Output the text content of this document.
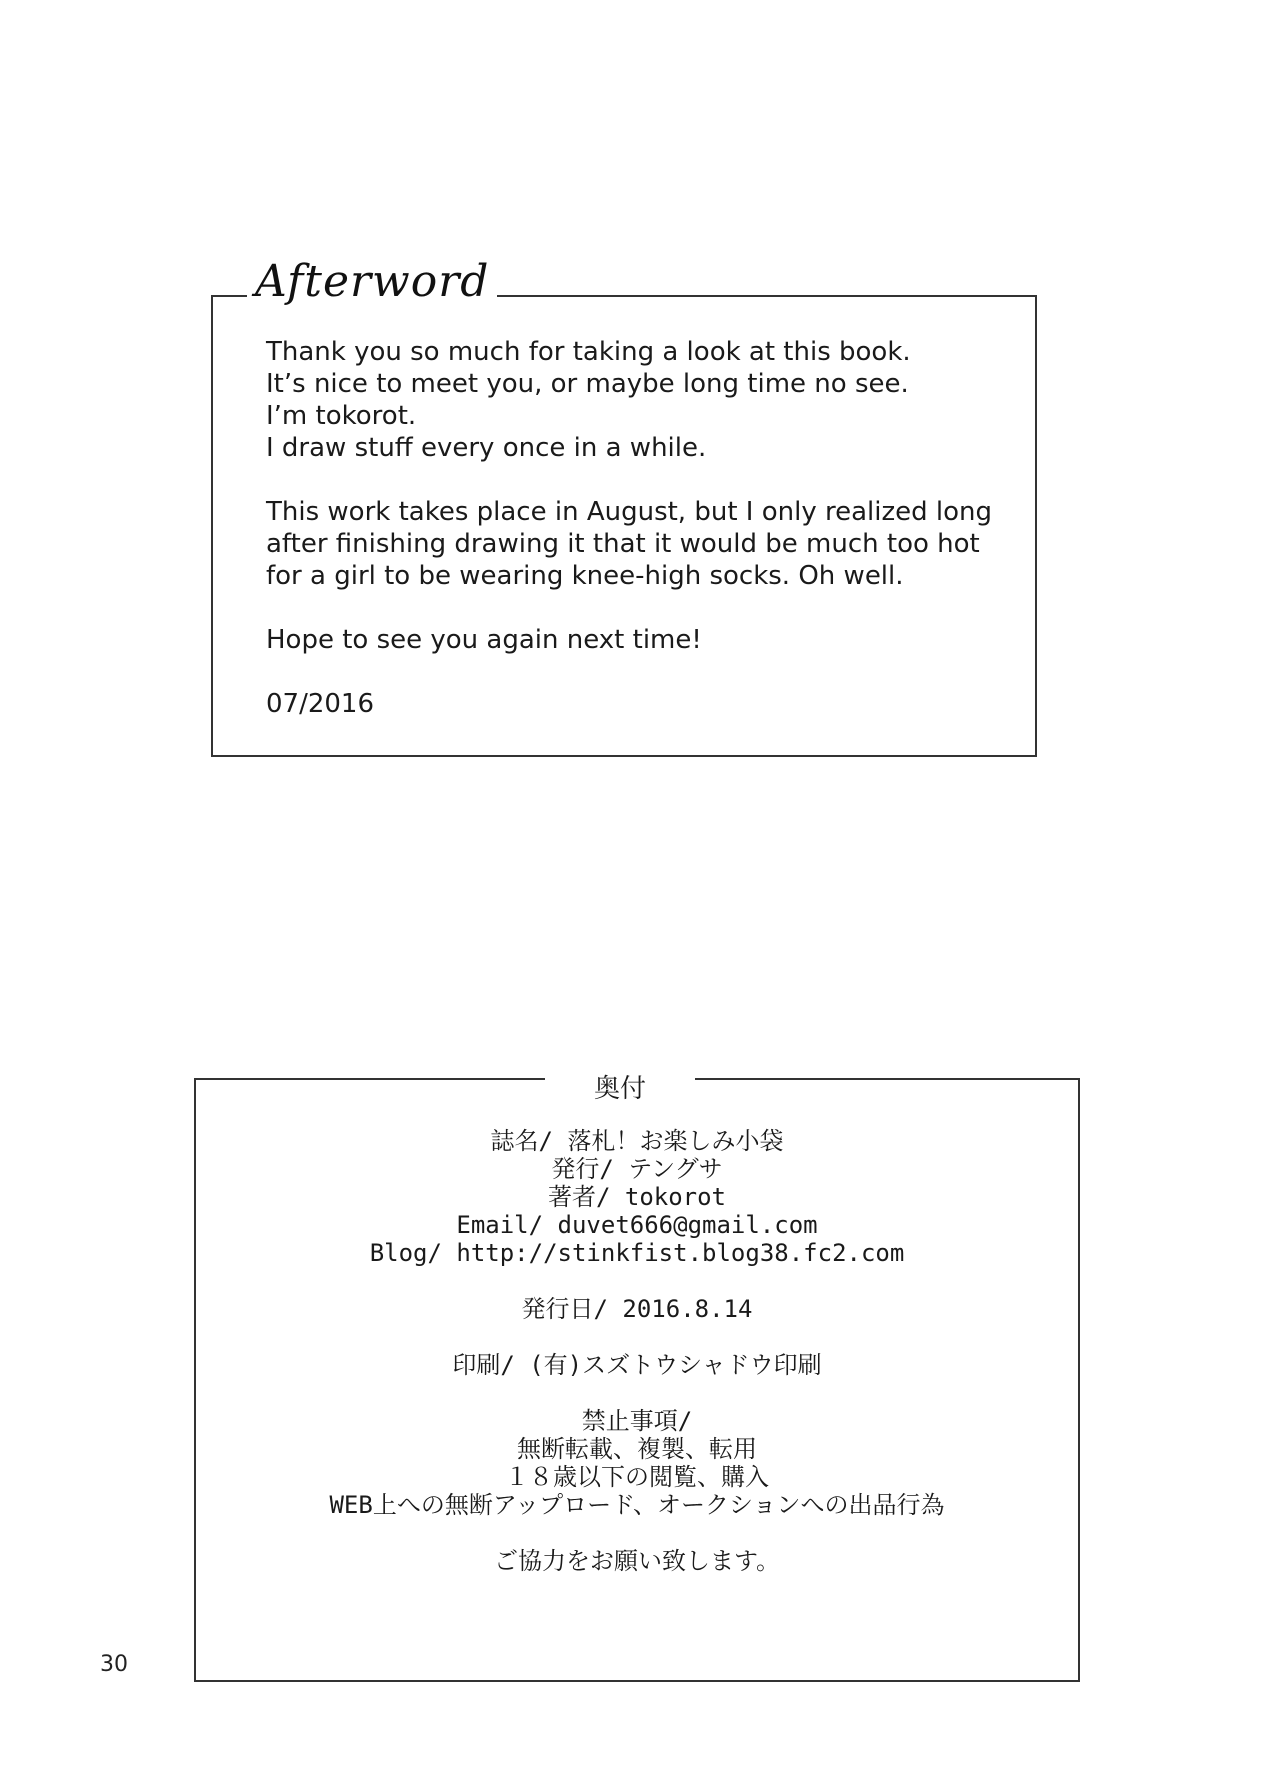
Afterword

Thank you so much for taking a look at this book.
It’s nice to meet you, or maybe long time no see.
I’m tokorot.
I draw stuff every once in a while.

This work takes place in August, but I only realized long
after finishing drawing it that it would be much too hot
for a girl to be wearing knee-high socks. Oh well.

Hope to see you again next time!

07/2016

奥付
誌名/ 落札！お楽しみ小袋
発行/ テングサ
著者/ tokorot
Email/ duvet666@gmail.com
Blog/ http://stinkfist.blog38.fc2.com
発行日/ 2016.8.14
印刷/ (有)スズトウシャドウ印刷
禁止事項/
無断転載、複製、転用
１８歳以下の閲覧、購入
WEB上への無断アップロード、オークションへの出品行為
ご協力をお願い致します。
30
